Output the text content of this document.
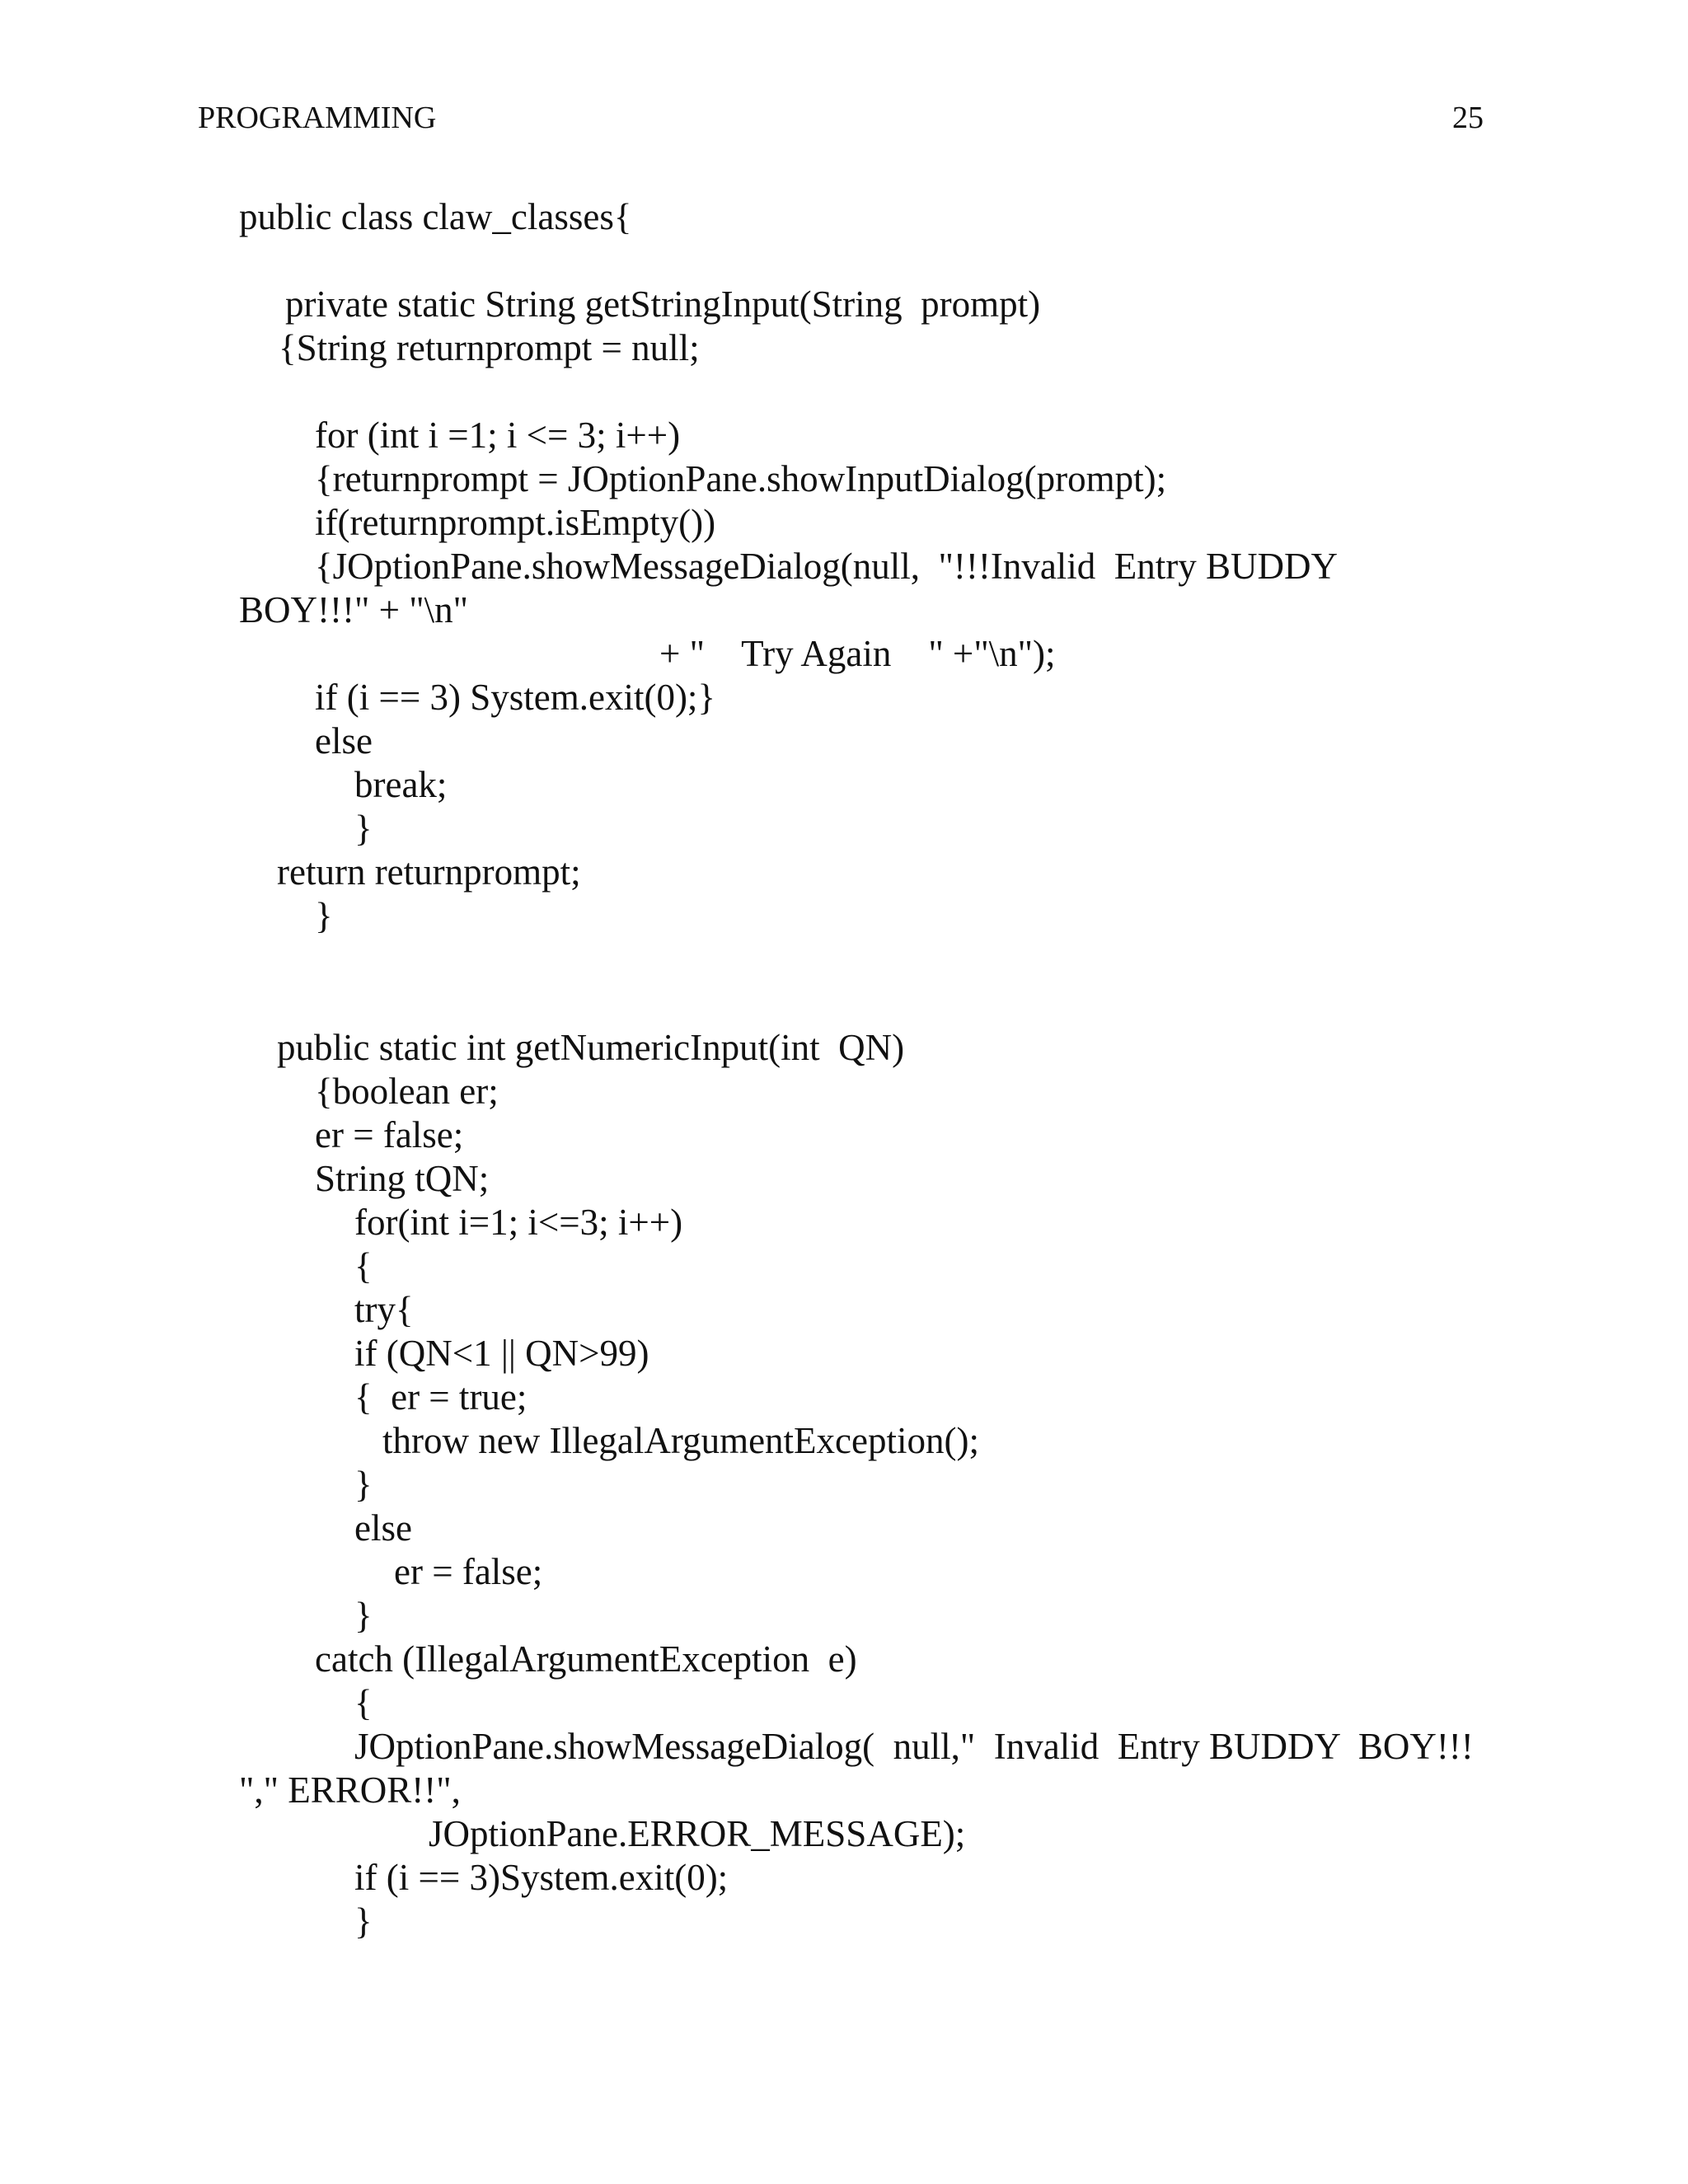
PROGRAMMING	25
public class claw_classes{
private static String getStringInput(String  prompt)
{String returnprompt = null;
for (int i =1; i <= 3; i++)
{returnprompt = JOptionPane.showInputDialog(prompt);
if(returnprompt.isEmpty())
{JOptionPane.showMessageDialog(null,  "!!!Invalid  Entry BUDDY
BOY!!!" + "\n"
+ "    Try Again    " +"\n");
if (i == 3) System.exit(0);}
else
break;
}
return returnprompt;
}
public static int getNumericInput(int  QN)
{boolean er;
er = false;
String tQN;
for(int i=1; i<=3; i++)
{
try{
if (QN<1 || QN>99)
{  er = true;
throw new IllegalArgumentException();
}
else
er = false;
}
catch (IllegalArgumentException  e)
{
JOptionPane.showMessageDialog(  null,"  Invalid  Entry BUDDY  BOY!!!
"," ERROR!!",
JOptionPane.ERROR_MESSAGE);
if (i == 3)System.exit(0);
}
